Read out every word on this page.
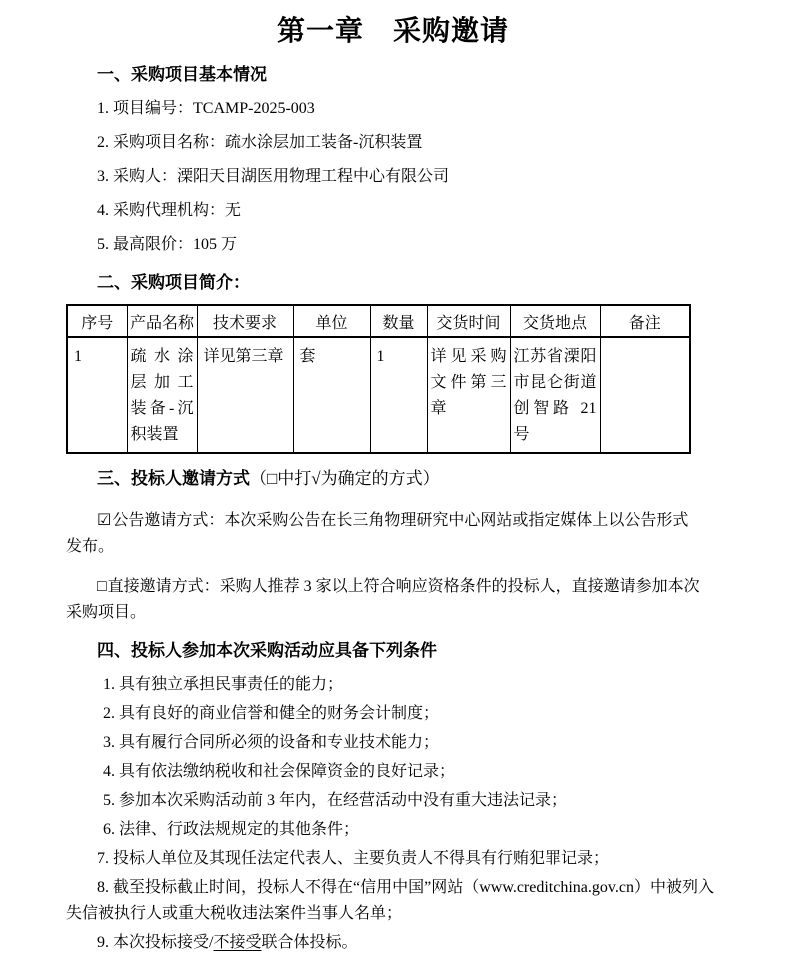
第一章　采购邀请
一、采购项目基本情况

1. 项目编号：TCAMP-2025-003

2. 采购项目名称：疏水涂层加工装备-沉积装置

3. 采购人：溧阳天目湖医用物理工程中心有限公司

4. 采购代理机构：无

5. 最高限价：105 万

二、采购项目简介：
序号	产品名称	技术要求	单位	数量	交货时间	交货地点	备注
1	疏水涂层加工装备-沉积装置	详见第三章	套	1	详见采购文件第三章	江苏省溧阳市昆仑街道创智路 21 号	
三、投标人邀请方式（□中打√为确定的方式）

☑公告邀请方式：本次采购公告在长三角物理研究中心网站或指定媒体上以公告形式发布。

□直接邀请方式：采购人推荐 3 家以上符合响应资格条件的投标人，直接邀请参加本次采购项目。

四、投标人参加本次采购活动应具备下列条件

1. 具有独立承担民事责任的能力；

2. 具有良好的商业信誉和健全的财务会计制度；

3. 具有履行合同所必须的设备和专业技术能力；

4. 具有依法缴纳税收和社会保障资金的良好记录；

5. 参加本次采购活动前 3 年内，在经营活动中没有重大违法记录；

6. 法律、行政法规规定的其他条件；

7. 投标人单位及其现任法定代表人、主要负责人不得具有行贿犯罪记录；

8. 截至投标截止时间，投标人不得在“信用中国”网站（www.creditchina.gov.cn）中被列入失信被执行人或重大税收违法案件当事人名单；

9. 本次投标接受/不接受联合体投标。
